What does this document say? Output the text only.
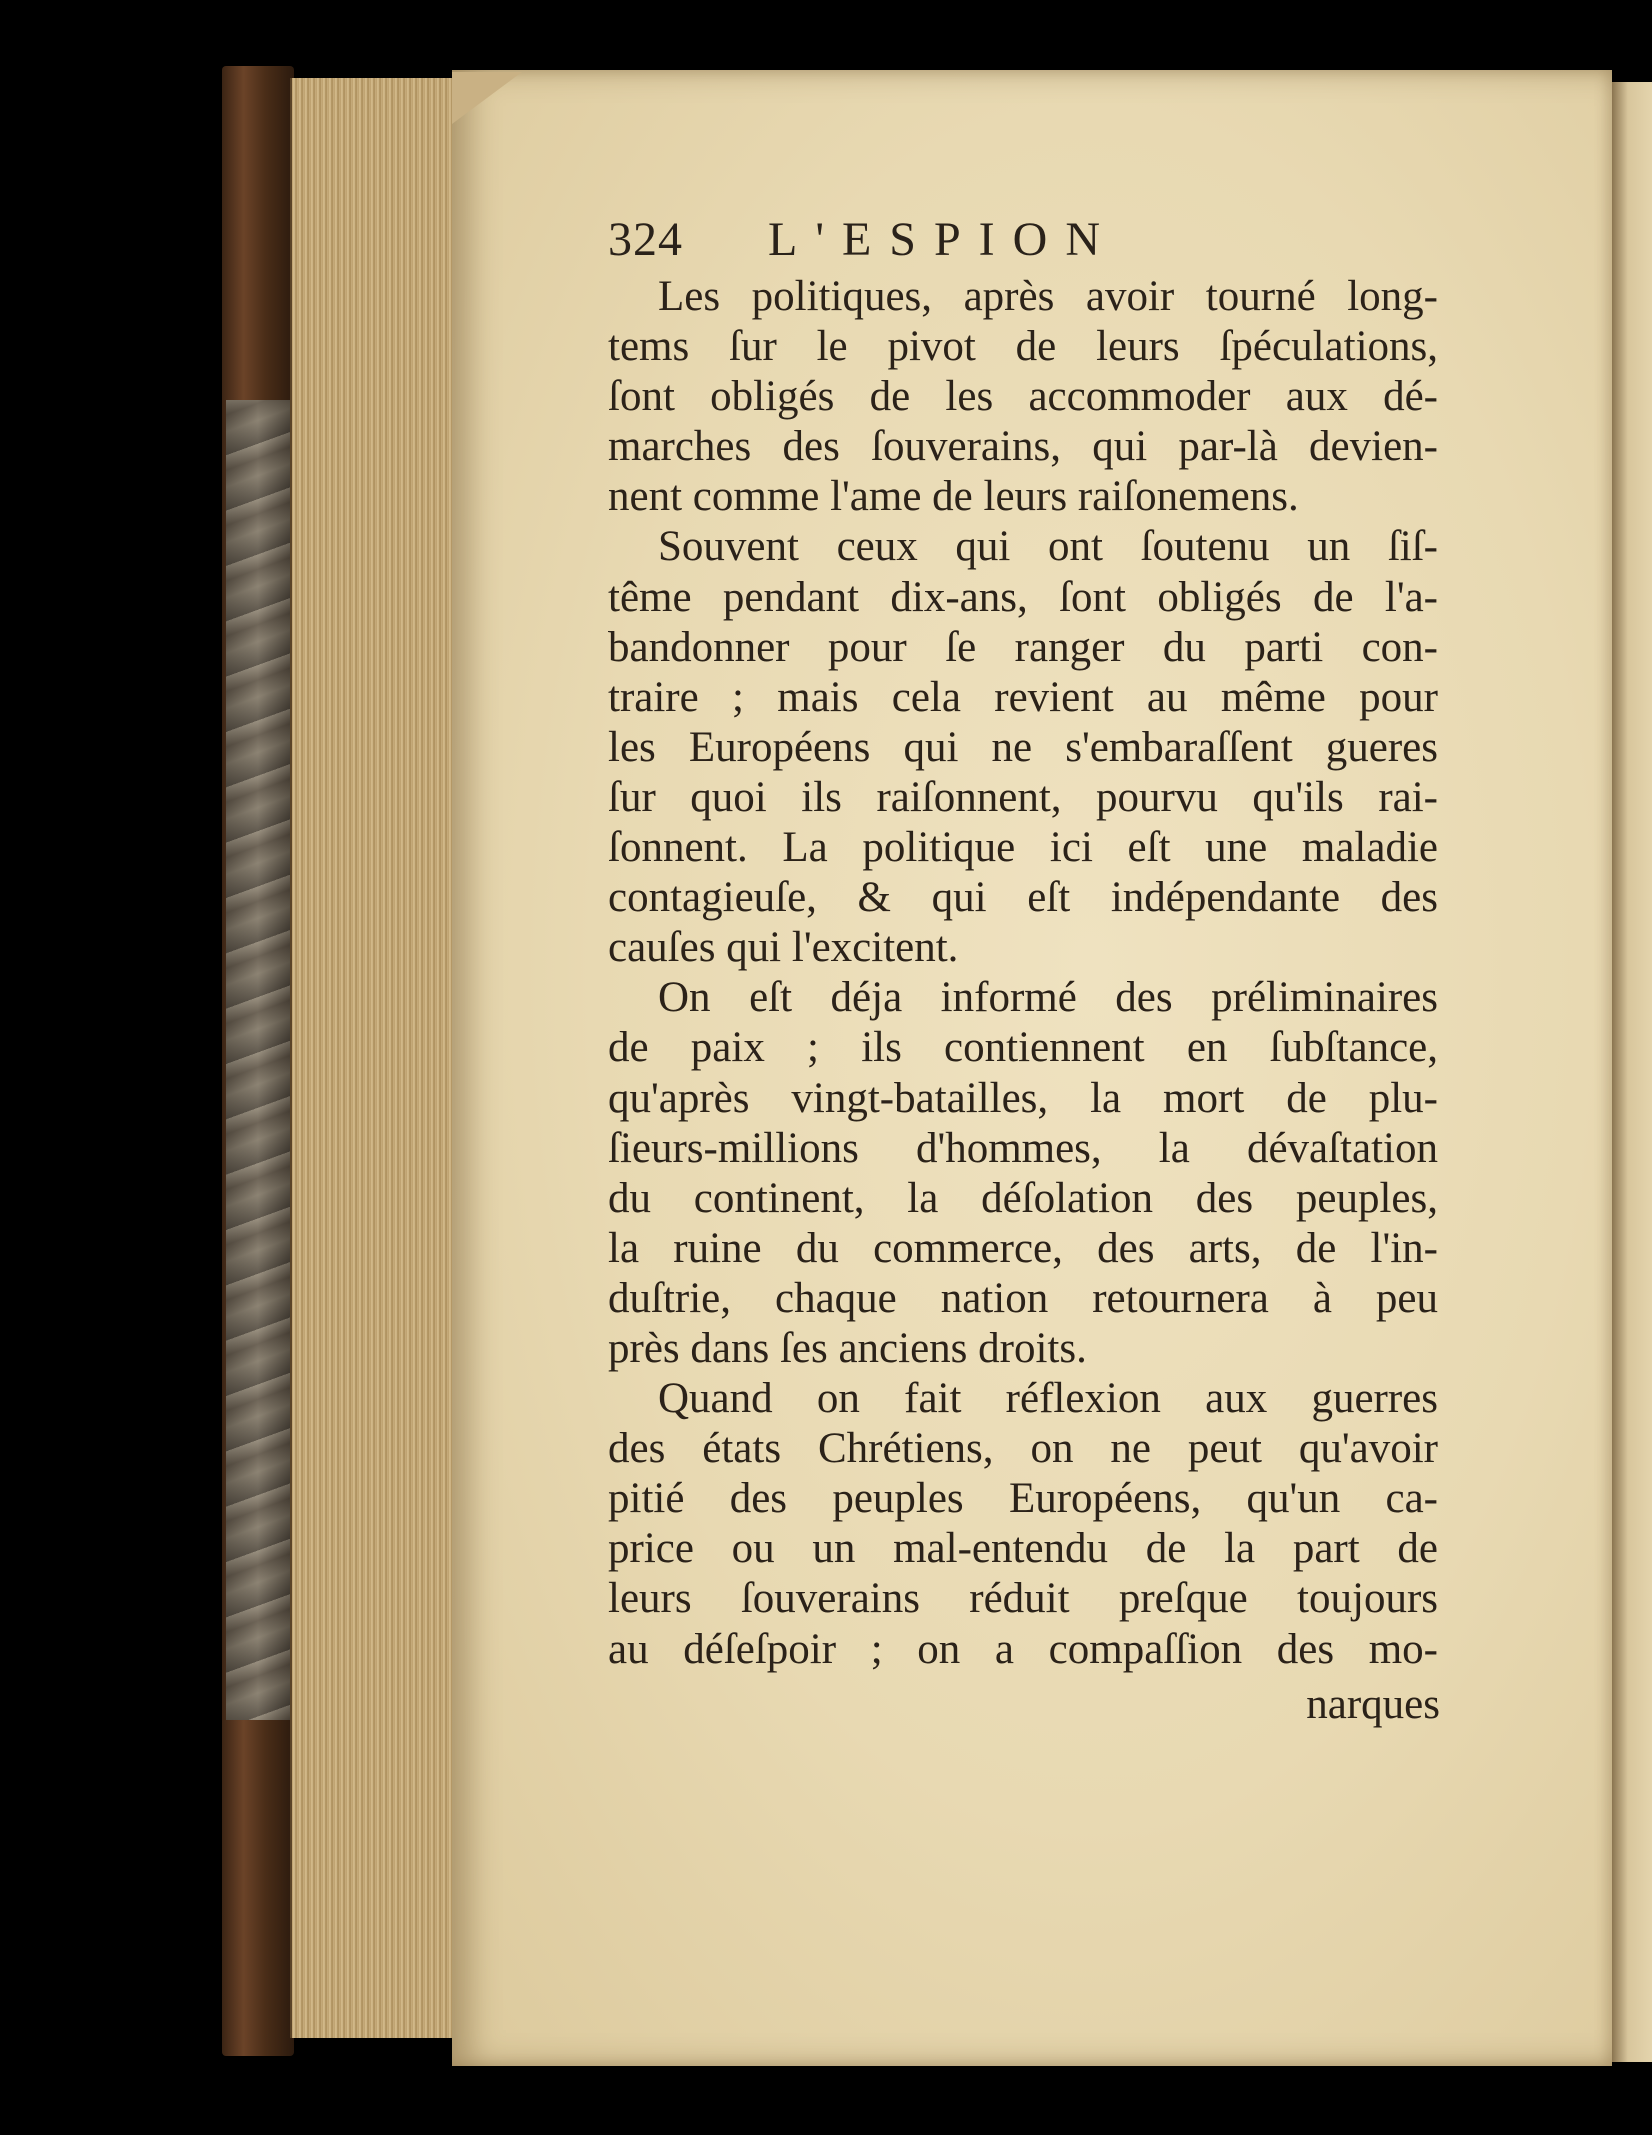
324 L'ESPION
Les politiques, après avoir tourné long-
tems ſur le pivot de leurs ſpéculations,
ſont obligés de les accommoder aux dé-
marches des ſouverains, qui par-là devien-
nent comme l'ame de leurs raiſonemens.
Souvent ceux qui ont ſoutenu un ſiſ-
tême pendant dix-ans, ſont obligés de l'a-
bandonner pour ſe ranger du parti con-
traire ; mais cela revient au même pour
les Européens qui ne s'embaraſſent gueres
ſur quoi ils raiſonnent, pourvu qu'ils rai-
ſonnent. La politique ici eſt une maladie
contagieuſe, & qui eſt indépendante des
cauſes qui l'excitent.
On eſt déja informé des préliminaires
de paix ; ils contiennent en ſubſtance,
qu'après vingt-batailles, la mort de plu-
ſieurs-millions d'hommes, la dévaſtation
du continent, la déſolation des peuples,
la ruine du commerce, des arts, de l'in-
duſtrie, chaque nation retournera à peu
près dans ſes anciens droits.
Quand on fait réflexion aux guerres
des états Chrétiens, on ne peut qu'avoir
pitié des peuples Européens, qu'un ca-
price ou un mal-entendu de la part de
leurs ſouverains réduit preſque toujours
au déſeſpoir ; on a compaſſion des mo-
narques
